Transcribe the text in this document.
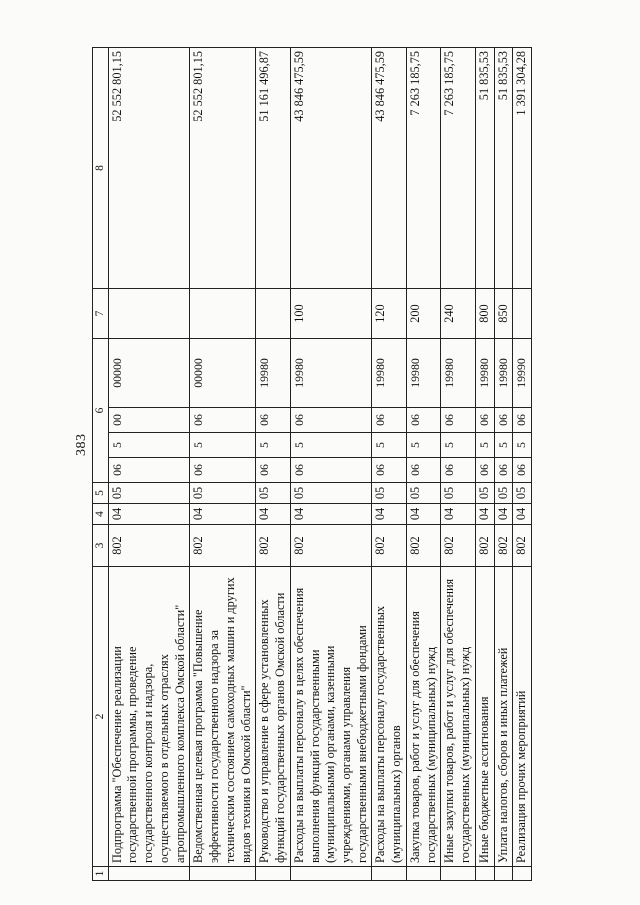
383
1	2	3	4	5	6				7	8
	Подпрограмма "Обеспечение реализации государственной программы, проведение государственного контроля и надзора, осуществляемого в отдельных отраслях агропромышленного комплекса Омской области"	802	04	05	06	5	00	00000		52 552 801,15
	Ведомственная целевая программа "Повышение эффективности государственного надзора за техническим состоянием самоходных машин и других видов техники в Омской области"	802	04	05	06	5	06	00000		52 552 801,15
	Руководство и управление в сфере установленных функций государственных органов Омской области	802	04	05	06	5	06	19980		51 161 496,87
	Расходы на выплаты персоналу в целях обеспечения выполнения функций государственными (муниципальными) органами, казенными учреждениями, органами управления государственными внебюджетными фондами	802	04	05	06	5	06	19980	100	43 846 475,59
	Расходы на выплаты персоналу государственных (муниципальных) органов	802	04	05	06	5	06	19980	120	43 846 475,59
	Закупка товаров, работ и услуг для обеспечения государственных (муниципальных) нужд	802	04	05	06	5	06	19980	200	7 263 185,75
	Иные закупки товаров, работ и услуг для обеспечения государственных (муниципальных) нужд	802	04	05	06	5	06	19980	240	7 263 185,75
	Иные бюджетные ассигнования	802	04	05	06	5	06	19980	800	51 835,53
	Уплата налогов, сборов и иных платежей	802	04	05	06	5	06	19980	850	51 835,53
	Реализация прочих мероприятий	802	04	05	06	5	06	19990		1 391 304,28
